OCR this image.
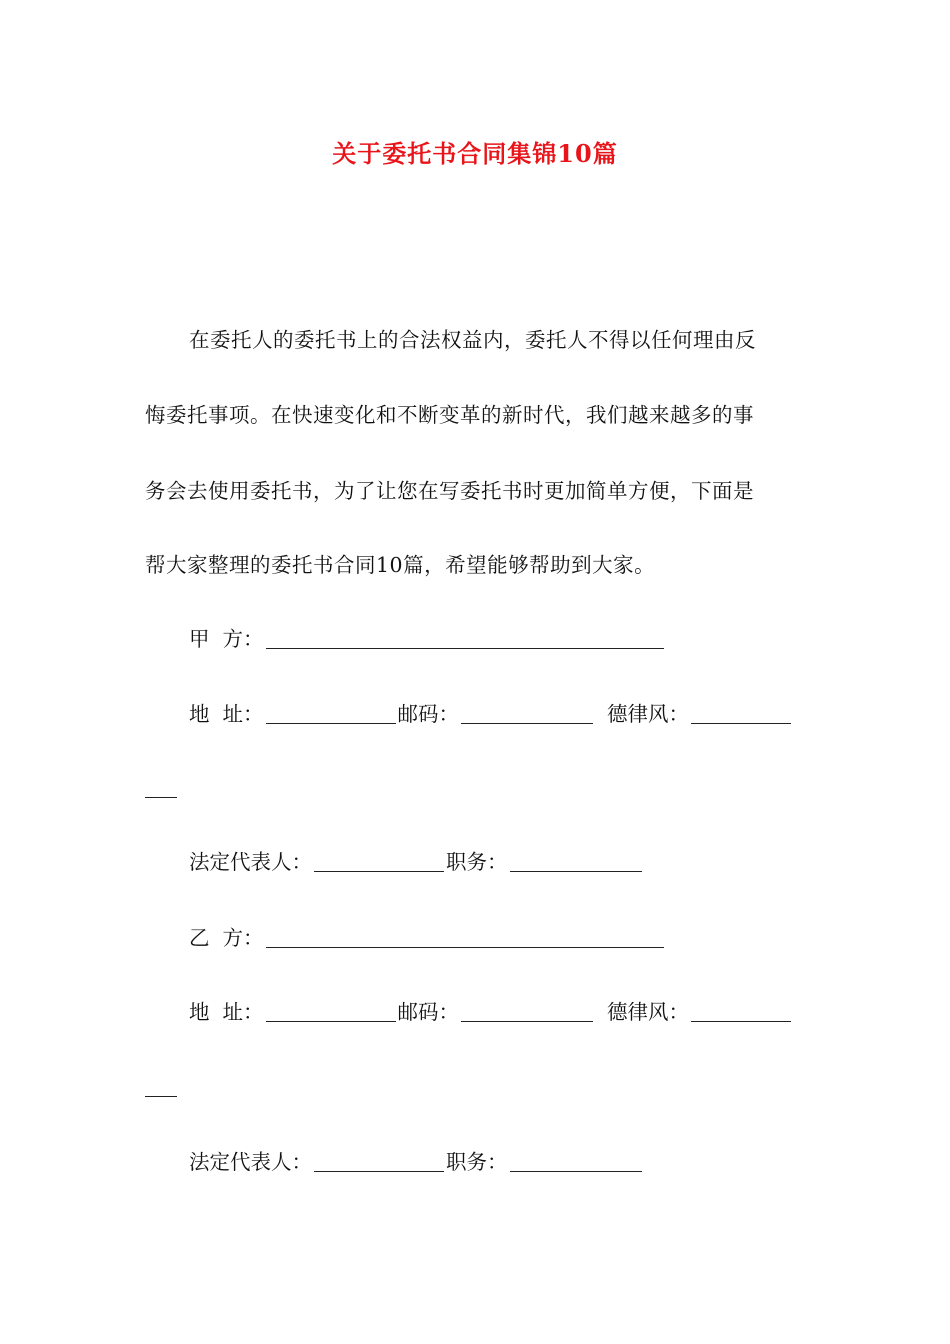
关于委托书合同集锦10篇
在委托人的委托书上的合法权益内，委托人不得以任何理由反
悔委托事项。在快速变化和不断变革的新时代，我们越来越多的事
务会去使用委托书，为了让您在写委托书时更加简单方便，下面是
帮大家整理的委托书合同10篇，希望能够帮助到大家。
甲  方：
地  址：	邮码：	德律风：
法定代表人：	职务：
乙  方：
地  址：	邮码：	德律风：
法定代表人：	职务：
